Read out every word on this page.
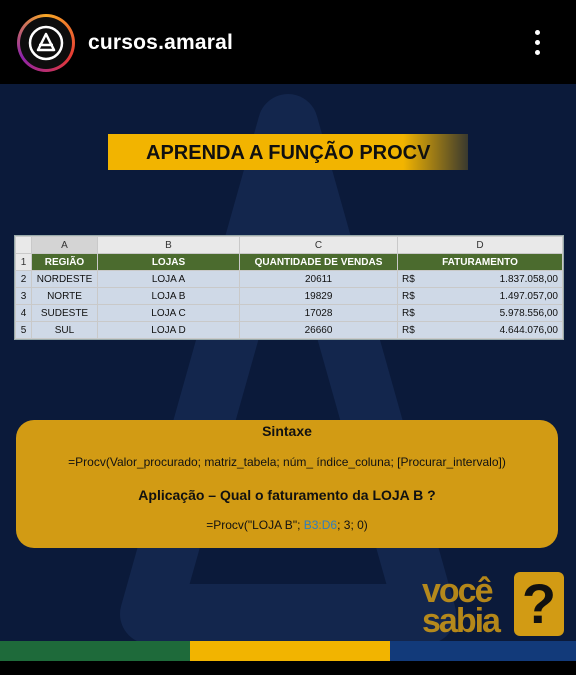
cursos.amaral
APRENDA A FUNÇÃO PROCV
	A	B	C	D
1	REGIÃO	LOJAS	QUANTIDADE DE VENDAS	FATURAMENTO
2	NORDESTE	LOJA A	20611	R$ 1.837.058,00

3	NORTE	LOJA B	19829	R$ 1.497.057,00

4	SUDESTE	LOJA C	17028	R$ 5.978.556,00

5	SUL	LOJA D	26660	R$ 4.644.076,00
Sintaxe
=Procv(Valor_procurado; matriz_tabela; núm_ índice_coluna; [Procurar_intervalo])
Aplicação – Qual o faturamento da LOJA B ?
=Procv("LOJA B"; B3:D6; 3; 0)
você
sabia ?
